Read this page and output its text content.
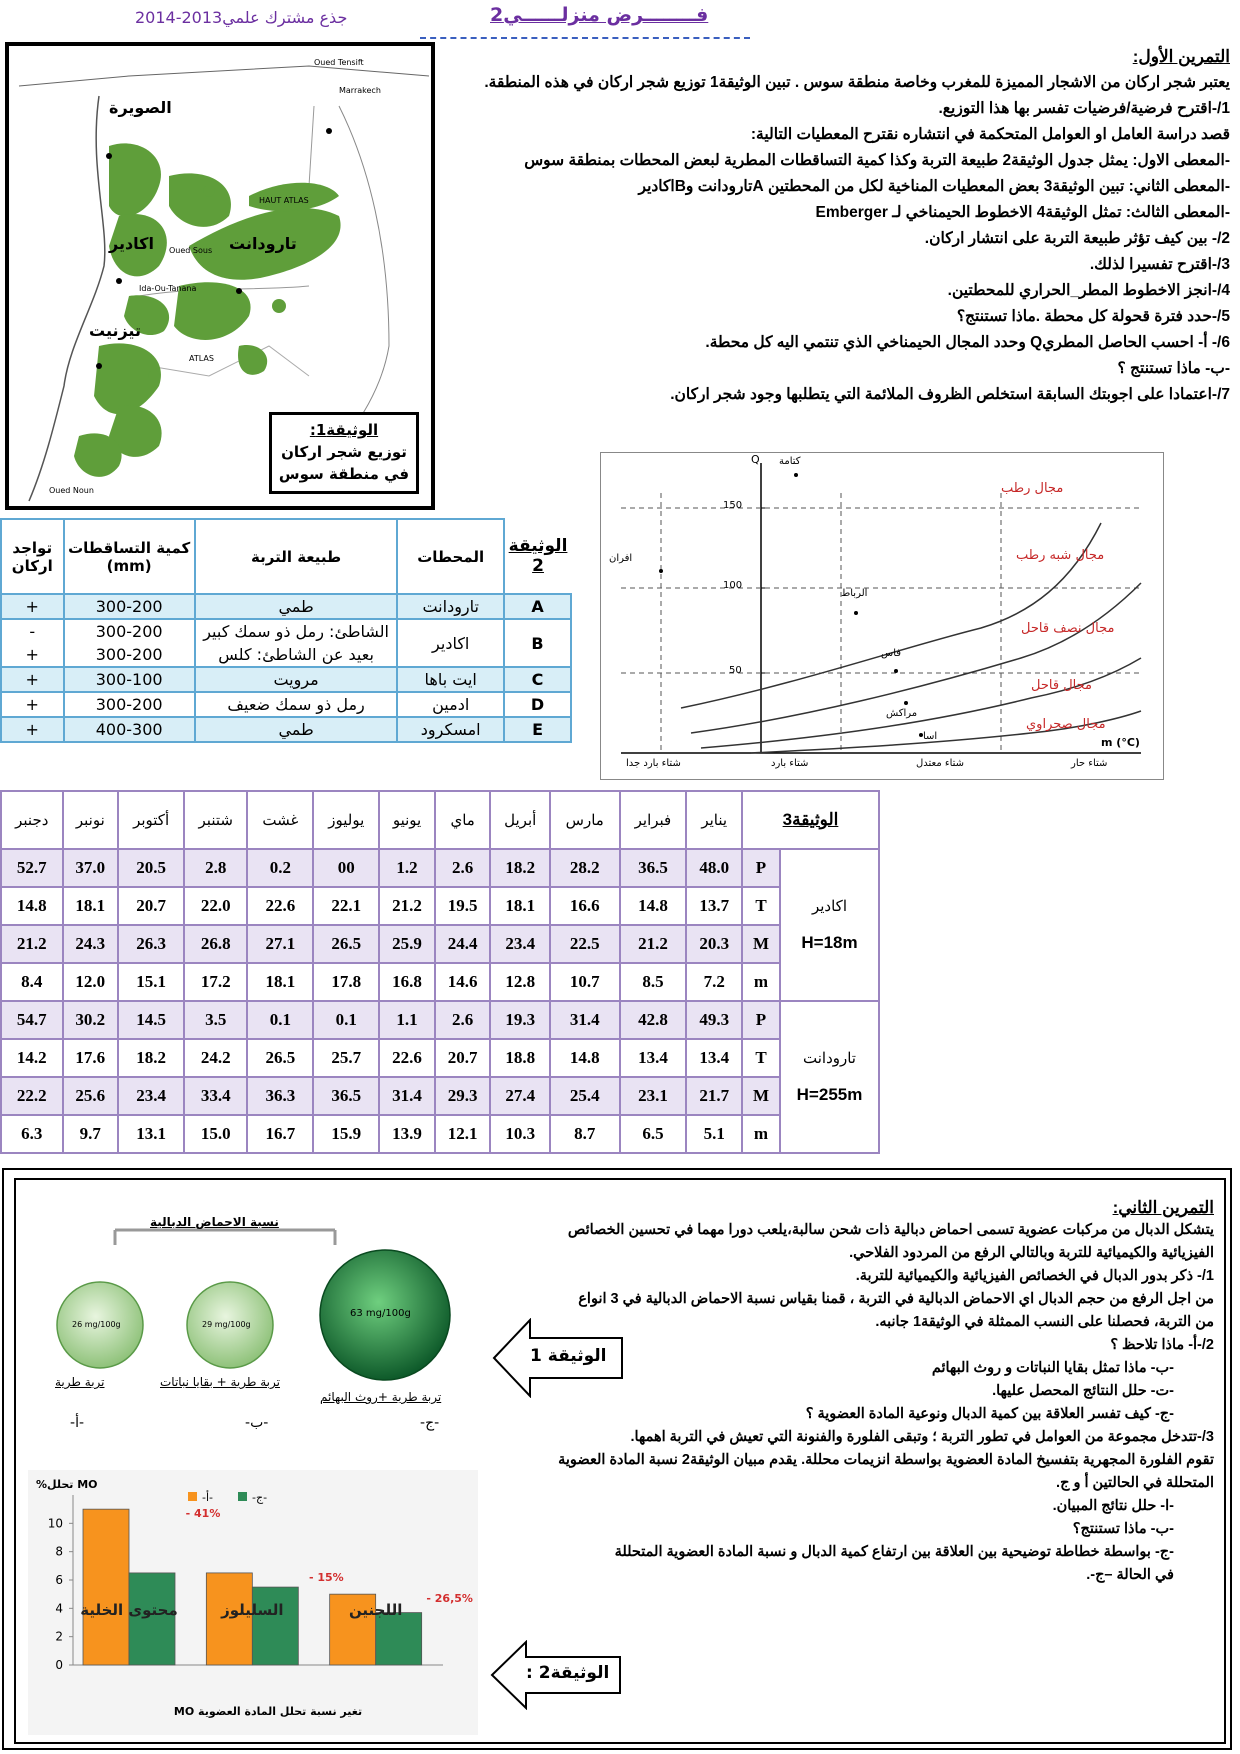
فــــــــرض منزلــــــي2
جذع مشترك علمي2013-2014
الصويرة
اكادير	تارودانت
تيزنيت
Oued Tensift
Marrakech
HAUT ATLAS
ATLAS
Oued Sous
Oued Noun
Ida-Ou-Tanana
الوثيقة1:
توزيع شجر اركان
في منطقة سوس
التمرين الأول:
يعتبر شجر اركان من الاشجار المميزة للمغرب وخاصة منطقة سوس . تبين الوثيقة1 توزيع شجر اركان في هذه المنطقة.
1/-اقترح فرضية/فرضيات تفسر بها هذا التوزيع.
قصد دراسة العامل او العوامل المتحكمة في انتشاره نقترح المعطيات التالية:
-المعطى الاول: يمثل جدول الوثيقة2 طبيعة التربة وكذا كمية التساقطات المطرية لبعض المحطات بمنطقة سوس
-المعطى الثاني: تبين الوثيقة3 بعض المعطيات المناخية لكل من المحطتين Aتارودانت وBاكادير
-المعطى الثالث: تمثل الوثيقة4 الاخطوط الحيمناخي لـ Emberger
2/- بين كيف تؤثر طبيعة التربة على انتشار اركان.
3/-اقترح تفسيرا لذلك.
4/-انجز الاخطوط المطر_الحراري للمحطتين.
5/-حدد فترة قحولة كل محطة .ماذا تستنتج؟
6/- أ- احسب الحاصل المطريQ وحدد المجال الحيمناخي الذي تنتمي اليه كل محطة.
-ب- ماذا تستنتج ؟
7/-اعتمادا على اجوبتك السابقة استخلص الظروف الملائمة التي يتطلبها وجود شجر اركان.
Q
m (°C)
150
100
50
مجال رطب
مجال شبه رطب
مجال نصف قاحل
مجال قاحل
مجال صحراوي
كتامة
افران
الرباط
فاس
مراكش
اسا
شتاء بارد جدا	شتاء بارد	شتاء معتدل	شتاء حار
الوثيقة 2	المحطات	طبيعة التربة	كمية التساقطات (mm)	تواجد اركان
A	تارودانت	طمي	300-200	+
B	اكادير	الشاطئ: رمل ذو سمك كبير	300-200	-
		بعيد عن الشاطئ: كلس	300-200	+
C	ايت باها	مرويت	300-100	+
D	ادمين	رمل ذو سمك ضعيف	300-200	+
E	امسكرود	طمي	400-300	+
الوثيقة3		يناير	فبراير	مارس	أبريل	ماي	يونيو	يوليوز	غشت	شتنبر	أكتوبر	نونبر	دجنبر

اكادير
H=18m	P	48.0	36.5	28.2	18.2	2.6	1.2	00	0.2	2.8	20.5	37.0	52.7
	T	13.7	14.8	16.6	18.1	19.5	21.2	22.1	22.6	22.0	20.7	18.1	14.8
	M	20.3	21.2	22.5	23.4	24.4	25.9	26.5	27.1	26.8	26.3	24.3	21.2
	m	7.2	8.5	10.7	12.8	14.6	16.8	17.8	18.1	17.2	15.1	12.0	8.4

تارودانت
H=255m	P	49.3	42.8	31.4	19.3	2.6	1.1	0.1	0.1	3.5	14.5	30.2	54.7
	T	13.4	13.4	14.8	18.8	20.7	22.6	25.7	26.5	24.2	18.2	17.6	14.2
	M	21.7	23.1	25.4	27.4	29.3	31.4	36.5	36.3	33.4	23.4	25.6	22.2
	m	5.1	6.5	8.7	10.3	12.1	13.9	15.9	16.7	15.0	13.1	9.7	6.3
التمرين الثاني:
يتشكل الدبال من مركبات عضوية تسمى احماض دبالية ذات شحن سالبة،يلعب دورا مهما في تحسين الخصائص
الفيزيائية والكيميائية للتربة وبالتالي الرفع من المردود الفلاحي.
1/- ذكر بدور الدبال في الخصائص الفيزيائية والكيميائية للتربة.
من اجل الرفع من حجم الدبال اي الاحماض الدبالية في التربة ، قمنا بقياس نسبة الاحماض الدبالية في 3 انواع
من التربة، فحصلنا على النسب الممثلة في الوثيقة1 جانبه.
2/-أ- ماذا تلاحظ ؟
-ب- ماذا تمثل بقايا النباتات و روث البهائم
-ت- حلل النتائج المحصل عليها.
-ج- كيف تفسر العلاقة بين كمية الدبال ونوعية المادة العضوية ؟
3/-تتدخل مجموعة من العوامل في تطور التربة ؛ وتبقى الفلورة والفنونة التي تعيش في التربة اهمها.
تقوم الفلورة المجهرية بتفسيخ المادة العضوية بواسطة انزيمات محللة. يقدم مبيان الوثيقة2 نسبة المادة العضوية
المتحللة في الحالتين أ و ج.
-ا- حلل نتائج المبيان.
-ب- ماذا تستنتج؟
-ج- بواسطة خطاطة توضيحية بين العلاقة بين ارتفاع كمية الدبال و نسبة المادة العضوية المتحللة
في الحالة –ج-.
نسبة الاحماض الدبالية
26 mg/100g	29 mg/100g
63 mg/100g
تربة طرية	تربة طرية + بقايا نباتات
تربة طرية +روث البهائم
-أ-	-ب-	-ج-
الوثيقة 1
الوثيقة2 :
0
2
4
6
8
10
%تحلل MO
محتوى الخلية
- 41%
السليلوز
- 15%
اللجنين
- 26,5%
-أ-	-ج-
تغير نسبة تحلل المادة العضوية MO
